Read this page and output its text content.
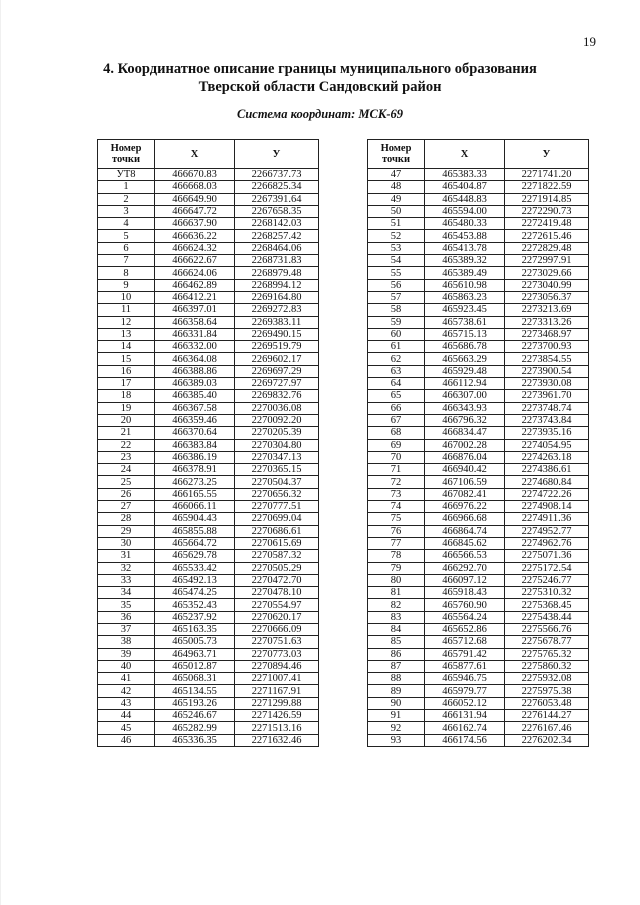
19
4. Координатное описание границы муниципального образования
Тверской области Сандовский район
Система координат: МСК-69
Номер
точки	X	У
УТ8	466670.83	2266737.73
1	466668.03	2266825.34
2	466649.90	2267391.64
3	466647.72	2267658.35
4	466637.90	2268142.03
5	466636.22	2268257.42
6	466624.32	2268464.06
7	466622.67	2268731.83
8	466624.06	2268979.48
9	466462.89	2268994.12
10	466412.21	2269164.80
11	466397.01	2269272.83
12	466358.64	2269383.11
13	466331.84	2269490.15
14	466332.00	2269519.79
15	466364.08	2269602.17
16	466388.86	2269697.29
17	466389.03	2269727.97
18	466385.40	2269832.76
19	466367.58	2270036.08
20	466359.46	2270092.20
21	466370.64	2270205.39
22	466383.84	2270304.80
23	466386.19	2270347.13
24	466378.91	2270365.15
25	466273.25	2270504.37
26	466165.55	2270656.32
27	466066.11	2270777.51
28	465904.43	2270699.04
29	465855.88	2270686.61
30	465664.72	2270615.69
31	465629.78	2270587.32
32	465533.42	2270505.29
33	465492.13	2270472.70
34	465474.25	2270478.10
35	465352.43	2270554.97
36	465237.92	2270620.17
37	465163.35	2270666.09
38	465005.73	2270751.63
39	464963.71	2270773.03
40	465012.87	2270894.46
41	465068.31	2271007.41
42	465134.55	2271167.91
43	465193.26	2271299.88
44	465246.67	2271426.59
45	465282.99	2271513.16
46	465336.35	2271632.46
Номер
точки	X	У
47	465383.33	2271741.20
48	465404.87	2271822.59
49	465448.83	2271914.85
50	465594.00	2272290.73
51	465480.33	2272419.48
52	465453.88	2272615.46
53	465413.78	2272829.48
54	465389.32	2272997.91
55	465389.49	2273029.66
56	465610.98	2273040.99
57	465863.23	2273056.37
58	465923.45	2273213.69
59	465738.61	2273313.26
60	465715.13	2273468.97
61	465686.78	2273700.93
62	465663.29	2273854.55
63	465929.48	2273900.54
64	466112.94	2273930.08
65	466307.00	2273961.70
66	466343.93	2273748.74
67	466796.32	2273743.84
68	466834.47	2273935.16
69	467002.28	2274054.95
70	466876.04	2274263.18
71	466940.42	2274386.61
72	467106.59	2274680.84
73	467082.41	2274722.26
74	466976.22	2274908.14
75	466966.68	2274911.36
76	466864.74	2274952.77
77	466845.62	2274962.76
78	466566.53	2275071.36
79	466292.70	2275172.54
80	466097.12	2275246.77
81	465918.43	2275310.32
82	465760.90	2275368.45
83	465564.24	2275438.44
84	465652.86	2275566.76
85	465712.68	2275678.77
86	465791.42	2275765.32
87	465877.61	2275860.32
88	465946.75	2275932.08
89	465979.77	2275975.38
90	466052.12	2276053.48
91	466131.94	2276144.27
92	466162.74	2276167.46
93	466174.56	2276202.34
